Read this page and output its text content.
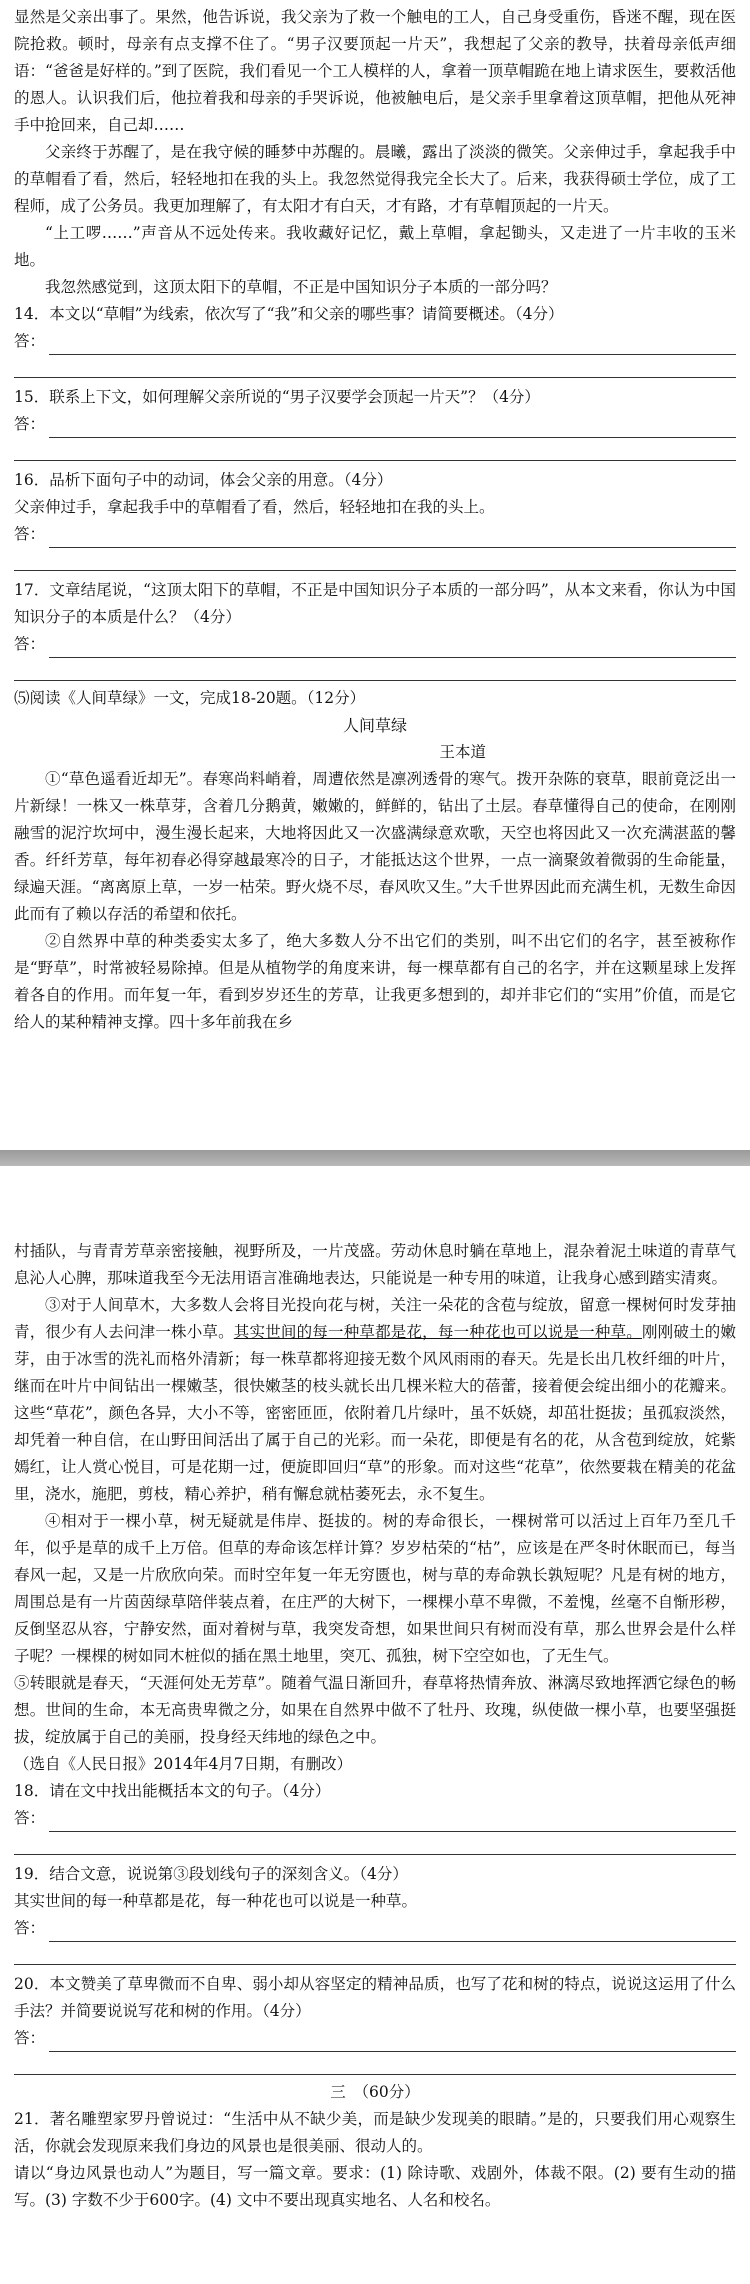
显然是父亲出事了。果然，他告诉说，我父亲为了救一个触电的工人，自己身受重伤，昏迷不醒，现在医院抢救。顿时，母亲有点支撑不住了。“男子汉要顶起一片天”，我想起了父亲的教导，扶着母亲低声细语：“爸爸是好样的。”到了医院，我们看见一个工人模样的人，拿着一顶草帽跪在地上请求医生，要救活他的恩人。认识我们后，他拉着我和母亲的手哭诉说，他被触电后，是父亲手里拿着这顶草帽，把他从死神手中抢回来，自己却……

父亲终于苏醒了，是在我守候的睡梦中苏醒的。晨曦，露出了淡淡的微笑。父亲伸过手，拿起我手中的草帽看了看，然后，轻轻地扣在我的头上。我忽然觉得我完全长大了。后来，我获得硕士学位，成了工程师，成了公务员。我更加理解了，有太阳才有白天，才有路，才有草帽顶起的一片天。

“上工啰……”声音从不远处传来。我收藏好记忆，戴上草帽，拿起锄头，又走进了一片丰收的玉米地。

我忽然感觉到，这顶太阳下的草帽，不正是中国知识分子本质的一部分吗？

14．本文以“草帽”为线索，依次写了“我”和父亲的哪些事？请简要概述。（4分）

答：

15．联系上下文，如何理解父亲所说的“男子汉要学会顶起一片天”？（4分）

答：

16．品析下面句子中的动词，体会父亲的用意。（4分）

父亲伸过手，拿起我手中的草帽看了看，然后，轻轻地扣在我的头上。

答：

17．文章结尾说，“这顶太阳下的草帽，不正是中国知识分子本质的一部分吗”，从本文来看，你认为中国知识分子的本质是什么？（4分）

答：

⑸阅读《人间草绿》一文，完成18-20题。（12分）

人间草绿

王本道

①“草色遥看近却无”。春寒尚料峭着，周遭依然是凛冽透骨的寒气。拨开杂陈的衰草，眼前竟泛出一片新绿！一株又一株草芽，含着几分鹅黄，嫩嫩的，鲜鲜的，钻出了土层。春草懂得自己的使命，在刚刚融雪的泥泞坎坷中，漫生漫长起来，大地将因此又一次盛满绿意欢歌，天空也将因此又一次充满湛蓝的馨香。纤纤芳草，每年初春必得穿越最寒冷的日子，才能抵达这个世界，一点一滴聚敛着微弱的生命能量，绿遍天涯。“离离原上草，一岁一枯荣。野火烧不尽，春风吹又生。”大千世界因此而充满生机，无数生命因此而有了赖以存活的希望和依托。

②自然界中草的种类委实太多了，绝大多数人分不出它们的类别，叫不出它们的名字，甚至被称作是“野草”，时常被轻易除掉。但是从植物学的角度来讲，每一棵草都有自己的名字，并在这颗星球上发挥着各自的作用。而年复一年，看到岁岁还生的芳草，让我更多想到的，却并非它们的“实用”价值，而是它给人的某种精神支撑。四十多年前我在乡

村插队，与青青芳草亲密接触，视野所及，一片茂盛。劳动休息时躺在草地上，混杂着泥土味道的青草气息沁人心脾，那味道我至今无法用语言准确地表达，只能说是一种专用的味道，让我身心感到踏实清爽。

③对于人间草木，大多数人会将目光投向花与树，关注一朵花的含苞与绽放，留意一棵树何时发芽抽青，很少有人去问津一株小草。其实世间的每一种草都是花，每一种花也可以说是一种草。刚刚破土的嫩芽，由于冰雪的洗礼而格外清新；每一株草都将迎接无数个风风雨雨的春天。先是长出几枚纤细的叶片，继而在叶片中间钻出一棵嫩茎，很快嫩茎的枝头就长出几棵米粒大的蓓蕾，接着便会绽出细小的花瓣来。这些“草花”，颜色各异，大小不等，密密匝匝，依附着几片绿叶，虽不妖娆，却茁壮挺拔；虽孤寂淡然，却凭着一种自信，在山野田间活出了属于自己的光彩。而一朵花，即便是有名的花，从含苞到绽放，姹紫嫣红，让人赏心悦目，可是花期一过，便旋即回归“草”的形象。而对这些“花草”，依然要栽在精美的花盆里，浇水，施肥，剪枝，精心养护，稍有懈怠就枯萎死去，永不复生。

④相对于一棵小草，树无疑就是伟岸、挺拔的。树的寿命很长，一棵树常可以活过上百年乃至几千年，似乎是草的成千上万倍。但草的寿命该怎样计算？岁岁枯荣的“枯”，应该是在严冬时休眠而已，每当春风一起，又是一片欣欣向荣。而时空年复一年无穷匮也，树与草的寿命孰长孰短呢？凡是有树的地方，周围总是有一片茵茵绿草陪伴装点着，在庄严的大树下，一棵棵小草不卑微，不羞愧，丝毫不自惭形秽，反倒坚忍从容，宁静安然，面对着树与草，我突发奇想，如果世间只有树而没有草，那么世界会是什么样子呢？一棵棵的树如同木桩似的插在黑土地里，突兀、孤独，树下空空如也，了无生气。

⑤转眼就是春天，“天涯何处无芳草”。随着气温日渐回升，春草将热情奔放、淋漓尽致地挥洒它绿色的畅想。世间的生命，本无高贵卑微之分，如果在自然界中做不了牡丹、玫瑰，纵使做一棵小草，也要坚强挺拔，绽放属于自己的美丽，投身经天纬地的绿色之中。

（选自《人民日报》2014年4月7日期，有删改）

18．请在文中找出能概括本文的句子。（4分）

答：

19．结合文意，说说第③段划线句子的深刻含义。（4分）

其实世间的每一种草都是花，每一种花也可以说是一种草。

答：

20．本文赞美了草卑微而不自卑、弱小却从容坚定的精神品质，也写了花和树的特点，说说这运用了什么手法？并简要说说写花和树的作用。（4分）

答：

三　（60分）

21．著名雕塑家罗丹曾说过：“生活中从不缺少美，而是缺少发现美的眼睛。”是的，只要我们用心观察生活，你就会发现原来我们身边的风景也是很美丽、很动人的。

请以“身边风景也动人”为题目，写一篇文章。要求：(1) 除诗歌、戏剧外，体裁不限。(2) 要有生动的描写。(3) 字数不少于600字。(4) 文中不要出现真实地名、人名和校名。
